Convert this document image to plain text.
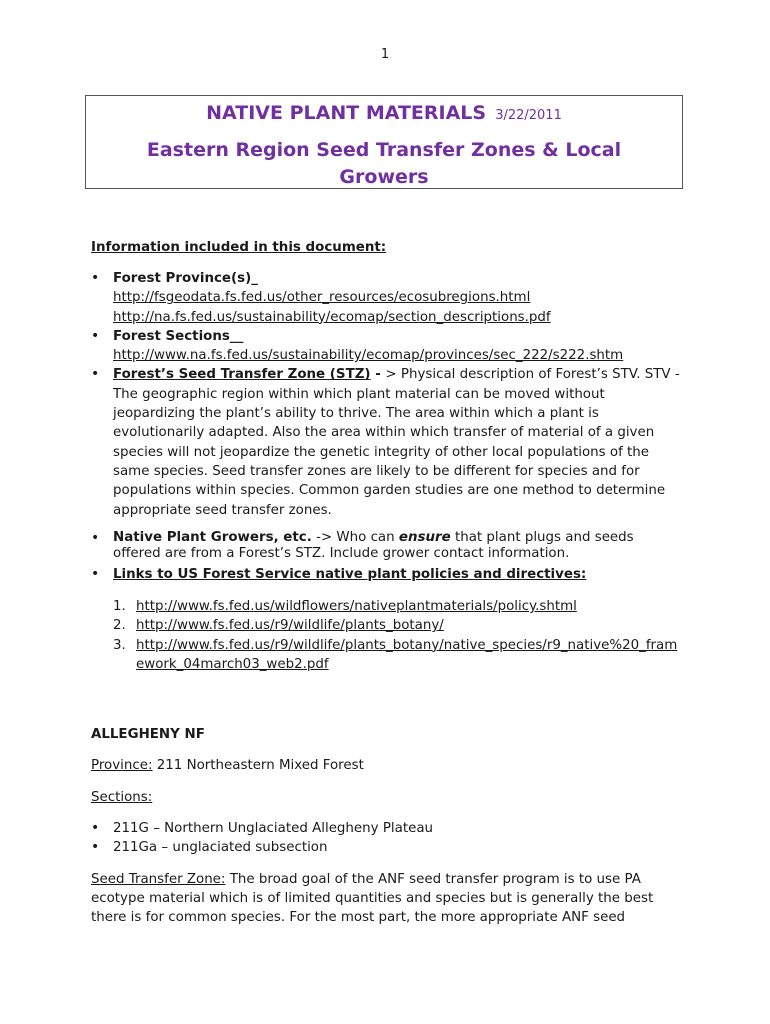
1
NATIVE PLANT MATERIALS 3/22/2011
Eastern Region Seed Transfer Zones & Local Growers

Information included in this document:

• Forest Province(s)_
http://fsgeodata.fs.fed.us/other_resources/ecosubregions.html
http://na.fs.fed.us/sustainability/ecomap/section_descriptions.pdf
• Forest Sections__
http://www.na.fs.fed.us/sustainability/ecomap/provinces/sec_222/s222.shtm
• Forest’s Seed Transfer Zone (STZ) - > Physical description of Forest’s STV. STV - The geographic region within which plant material can be moved without jeopardizing the plant’s ability to thrive. The area within which a plant is evolutionarily adapted. Also the area within which transfer of material of a given species will not jeopardize the genetic integrity of other local populations of the same species. Seed transfer zones are likely to be different for species and for populations within species. Common garden studies are one method to determine appropriate seed transfer zones.
• Native Plant Growers, etc. -> Who can ensure that plant plugs and seeds offered are from a Forest’s STZ. Include grower contact information.
• Links to US Forest Service native plant policies and directives:
1. http://www.fs.fed.us/wildflowers/nativeplantmaterials/policy.shtml
2. http://www.fs.fed.us/r9/wildlife/plants_botany/
3. http://www.fs.fed.us/r9/wildlife/plants_botany/native_species/r9_native%20_framework_04march03_web2.pdf

ALLEGHENY NF

Province: 211 Northeastern Mixed Forest

Sections:

• 211G – Northern Unglaciated Allegheny Plateau
• 211Ga – unglaciated subsection

Seed Transfer Zone: The broad goal of the ANF seed transfer program is to use PA ecotype material which is of limited quantities and species but is generally the best there is for common species. For the most part, the more appropriate ANF seed
